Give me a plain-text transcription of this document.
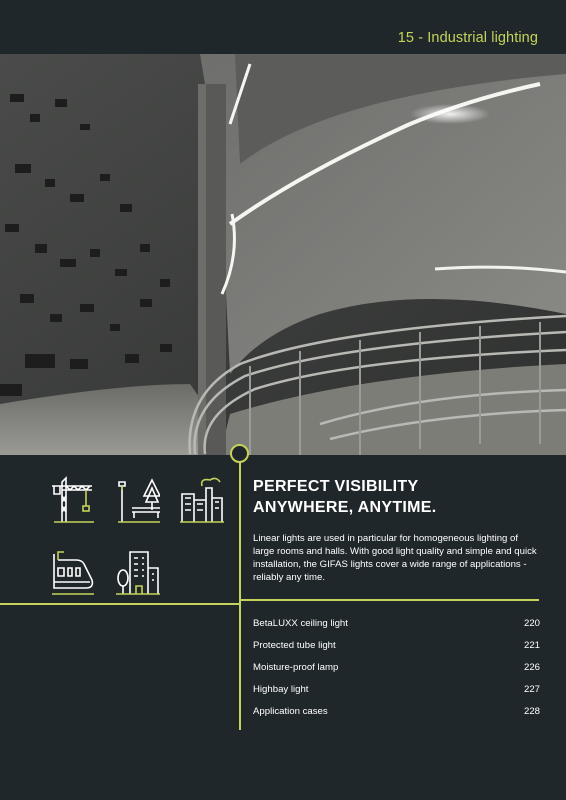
15 - Industrial lighting
PERFECT VISIBILITY
ANYWHERE, ANYTIME.

Linear lights are used in particular for homogeneous lighting of large rooms and halls. With good light quality and simple and quick installation, the GIFAS lights cover a wide range of applications - reliably any time.

BetaLUXX ceiling light	220
Protected tube light	221
Moisture-proof lamp	226
Highbay light	227
Application cases	228
